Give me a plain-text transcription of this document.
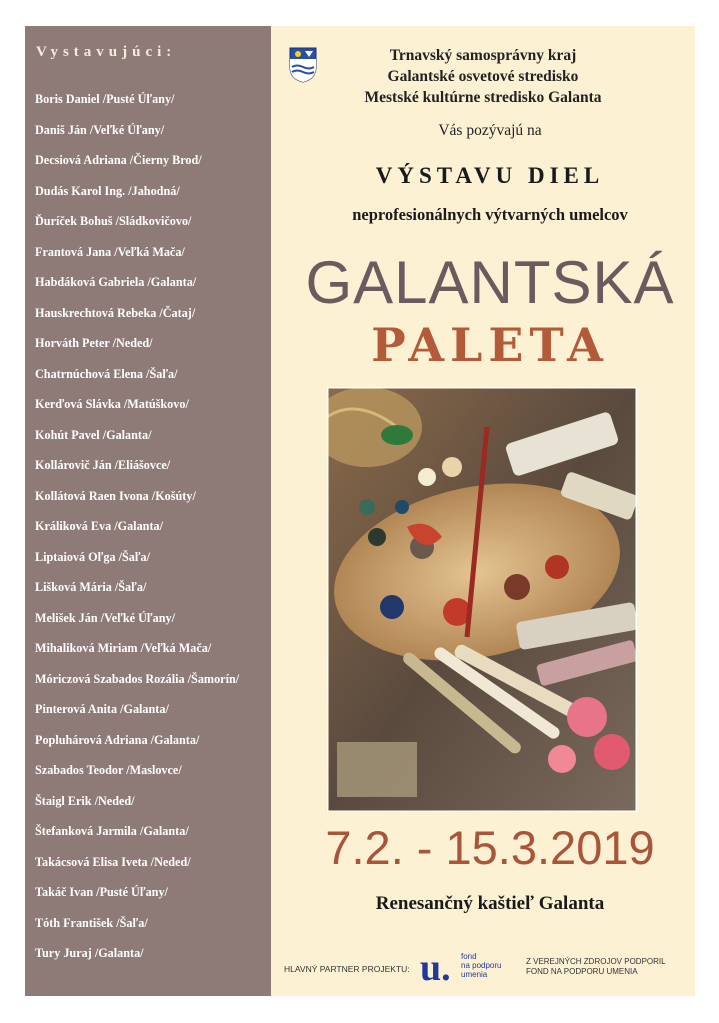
Vystavujúci:
Boris Daniel /Pusté Úľany/
Daniš Ján /Veľké Úľany/
Decsiová Adriana /Čierny Brod/
Dudás Karol Ing. /Jahodná/
Ďuríček Bohuš /Sládkovičovo/
Frantová Jana /Veľká Mača/
Habdáková Gabriela /Galanta/
Hauskrechtová Rebeka /Čataj/
Horváth Peter /Neded/
Chatrnúchová Elena /Šaľa/
Kerďová Slávka /Matúškovo/
Kohút Pavel /Galanta/
Kollárovič Ján /Eliášovce/
Kollátová Raen Ivona /Košúty/
Králiková Eva /Galanta/
Liptaiová Oľga /Šaľa/
Lišková Mária /Šaľa/
Melišek Ján /Veľké Úľany/
Mihaliková Miriam /Veľká Mača/
Móriczová Szabados Rozália /Šamorín/
Pinterová Anita /Galanta/
Popluhárová Adriana /Galanta/
Szabados Teodor /Maslovce/
Štaigl Erik /Neded/
Štefanková Jarmila /Galanta/
Takácsová Elisa Iveta /Neded/
Takáč Ivan /Pusté Úľany/
Tóth František /Šaľa/
Tury Juraj /Galanta/
Trnavský samosprávny kraj
Galantské osvetové stredisko
Mestské kultúrne stredisko Galanta
Vás pozývajú na
VÝSTAVU DIEL
neprofesionálnych výtvarných umelcov
GALANTSKÁ
PALETA
7.2. - 15.3.2019
Renesančný kaštieľ Galanta
HLAVNÝ PARTNER PROJEKTU: u. fond
na podporu
umenia
Z VEREJNÝCH ZDROJOV PODPORIL
FOND NA PODPORU UMENIA
